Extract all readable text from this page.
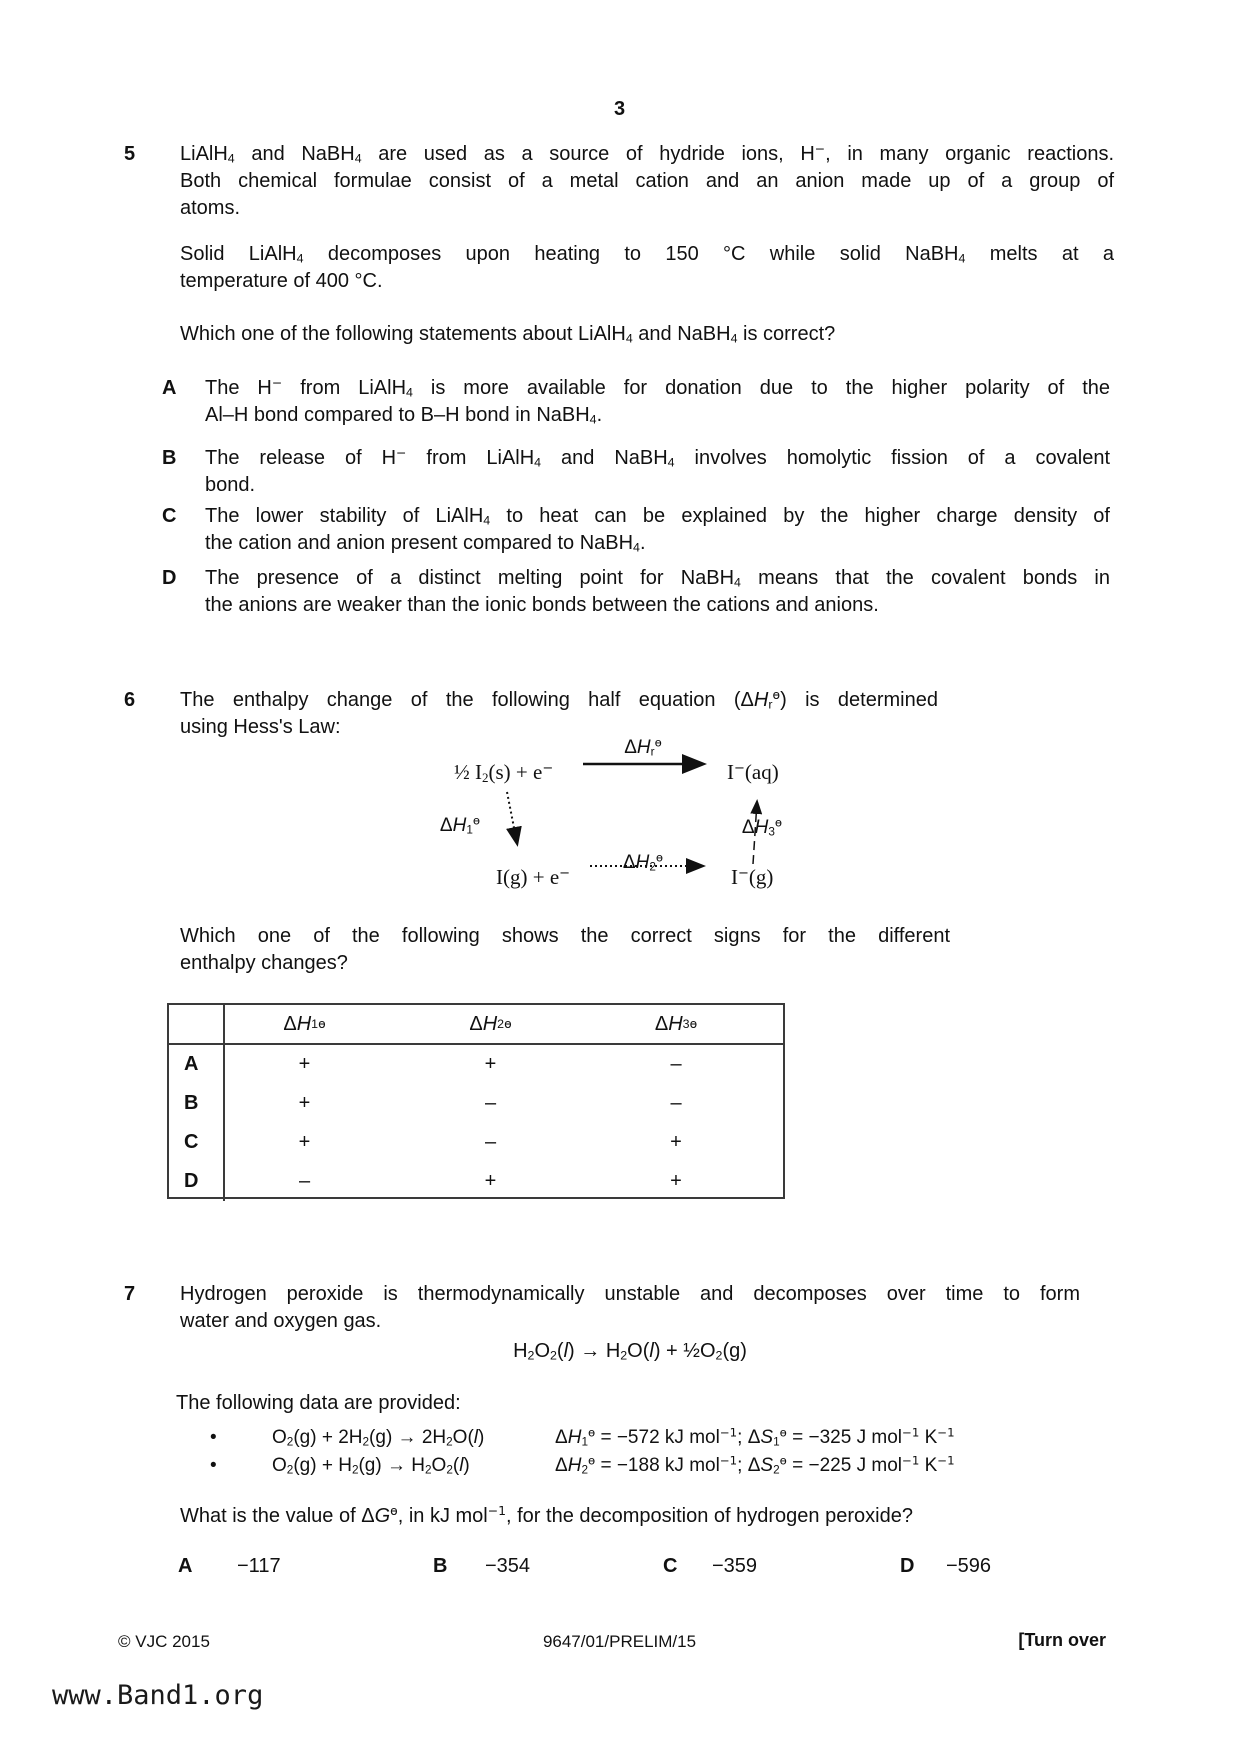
3
5 LiAlH$_4$ and NaBH$_4$ are used as a source of hydride ions, H−, in many organic reactions.
Both chemical formulae consist of a metal cation and an anion made up of a group of
atoms.
Solid LiAlH$_4$ decomposes upon heating to 150 °C while solid NaBH$_4$ melts at a
temperature of 400 °C.
Which one of the following statements about LiAlH$_4$ and NaBH$_4$ is correct?
A The H− from LiAlH$_4$ is more available for donation due to the higher polarity of the
Al–H bond compared to B–H bond in NaBH$_4$.
B The release of H− from LiAlH$_4$ and NaBH$_4$ involves homolytic fission of a covalent
bond.
C The lower stability of LiAlH$_4$ to heat can be explained by the higher charge density of
the cation and anion present compared to NaBH$_4$.
D The presence of a distinct melting point for NaBH$_4$ means that the covalent bonds in
the anions are weaker than the ionic bonds between the cations and anions.
6 The enthalpy change of the following half equation $(\Delta H_r^ɵ)$ is determined
using Hess's Law:
½ $I_2(s) + e^-$	I−(aq)
I(g) + e−	I−(g)
$\Delta H_r^ɵ$
$\Delta H_1^ɵ$
$\Delta H_2^ɵ$
$\Delta H_3^ɵ$
Which one of the following shows the correct signs for the different
enthalpy changes?
Δ H 1 ɵ	Δ H 2 ɵ	Δ H 3 ɵ
A	+	+	–
B	+	–	–
C	+	–	+
D	–	+	+
7 Hydrogen peroxide is thermodynamically unstable and decomposes over time to form
water and oxygen gas.
$H_2O_2(l) \to H_2O(l)$ + $\frac{1}{2}O_2(g)$
The following data are provided:
•	$O_2(g) + 2H_2(g) \to 2H_2O(l)$	$\Delta H_1^ɵ = -572$ kJ mol$^{-1}$; $\Delta S_1^ɵ = -325$ J mol$^{-1}$ $K^{-1}$
•	$O_2(g) + H_2(g) \to H_2O_2(l)$	$\Delta H_2^ɵ = -188$ kJ mol$^{-1}$; $\Delta S_2^ɵ = -225$ J mol$^{-1}$ $K^{-1}$
What is the value of $\Delta G^ɵ$, in kJ mol$^{-1}$, for the decomposition of hydrogen peroxide?
A −117	B −354	C −359	D −596
© VJC 2015	9647/01/PRELIM/15	[Turn over
www.Band1.org
